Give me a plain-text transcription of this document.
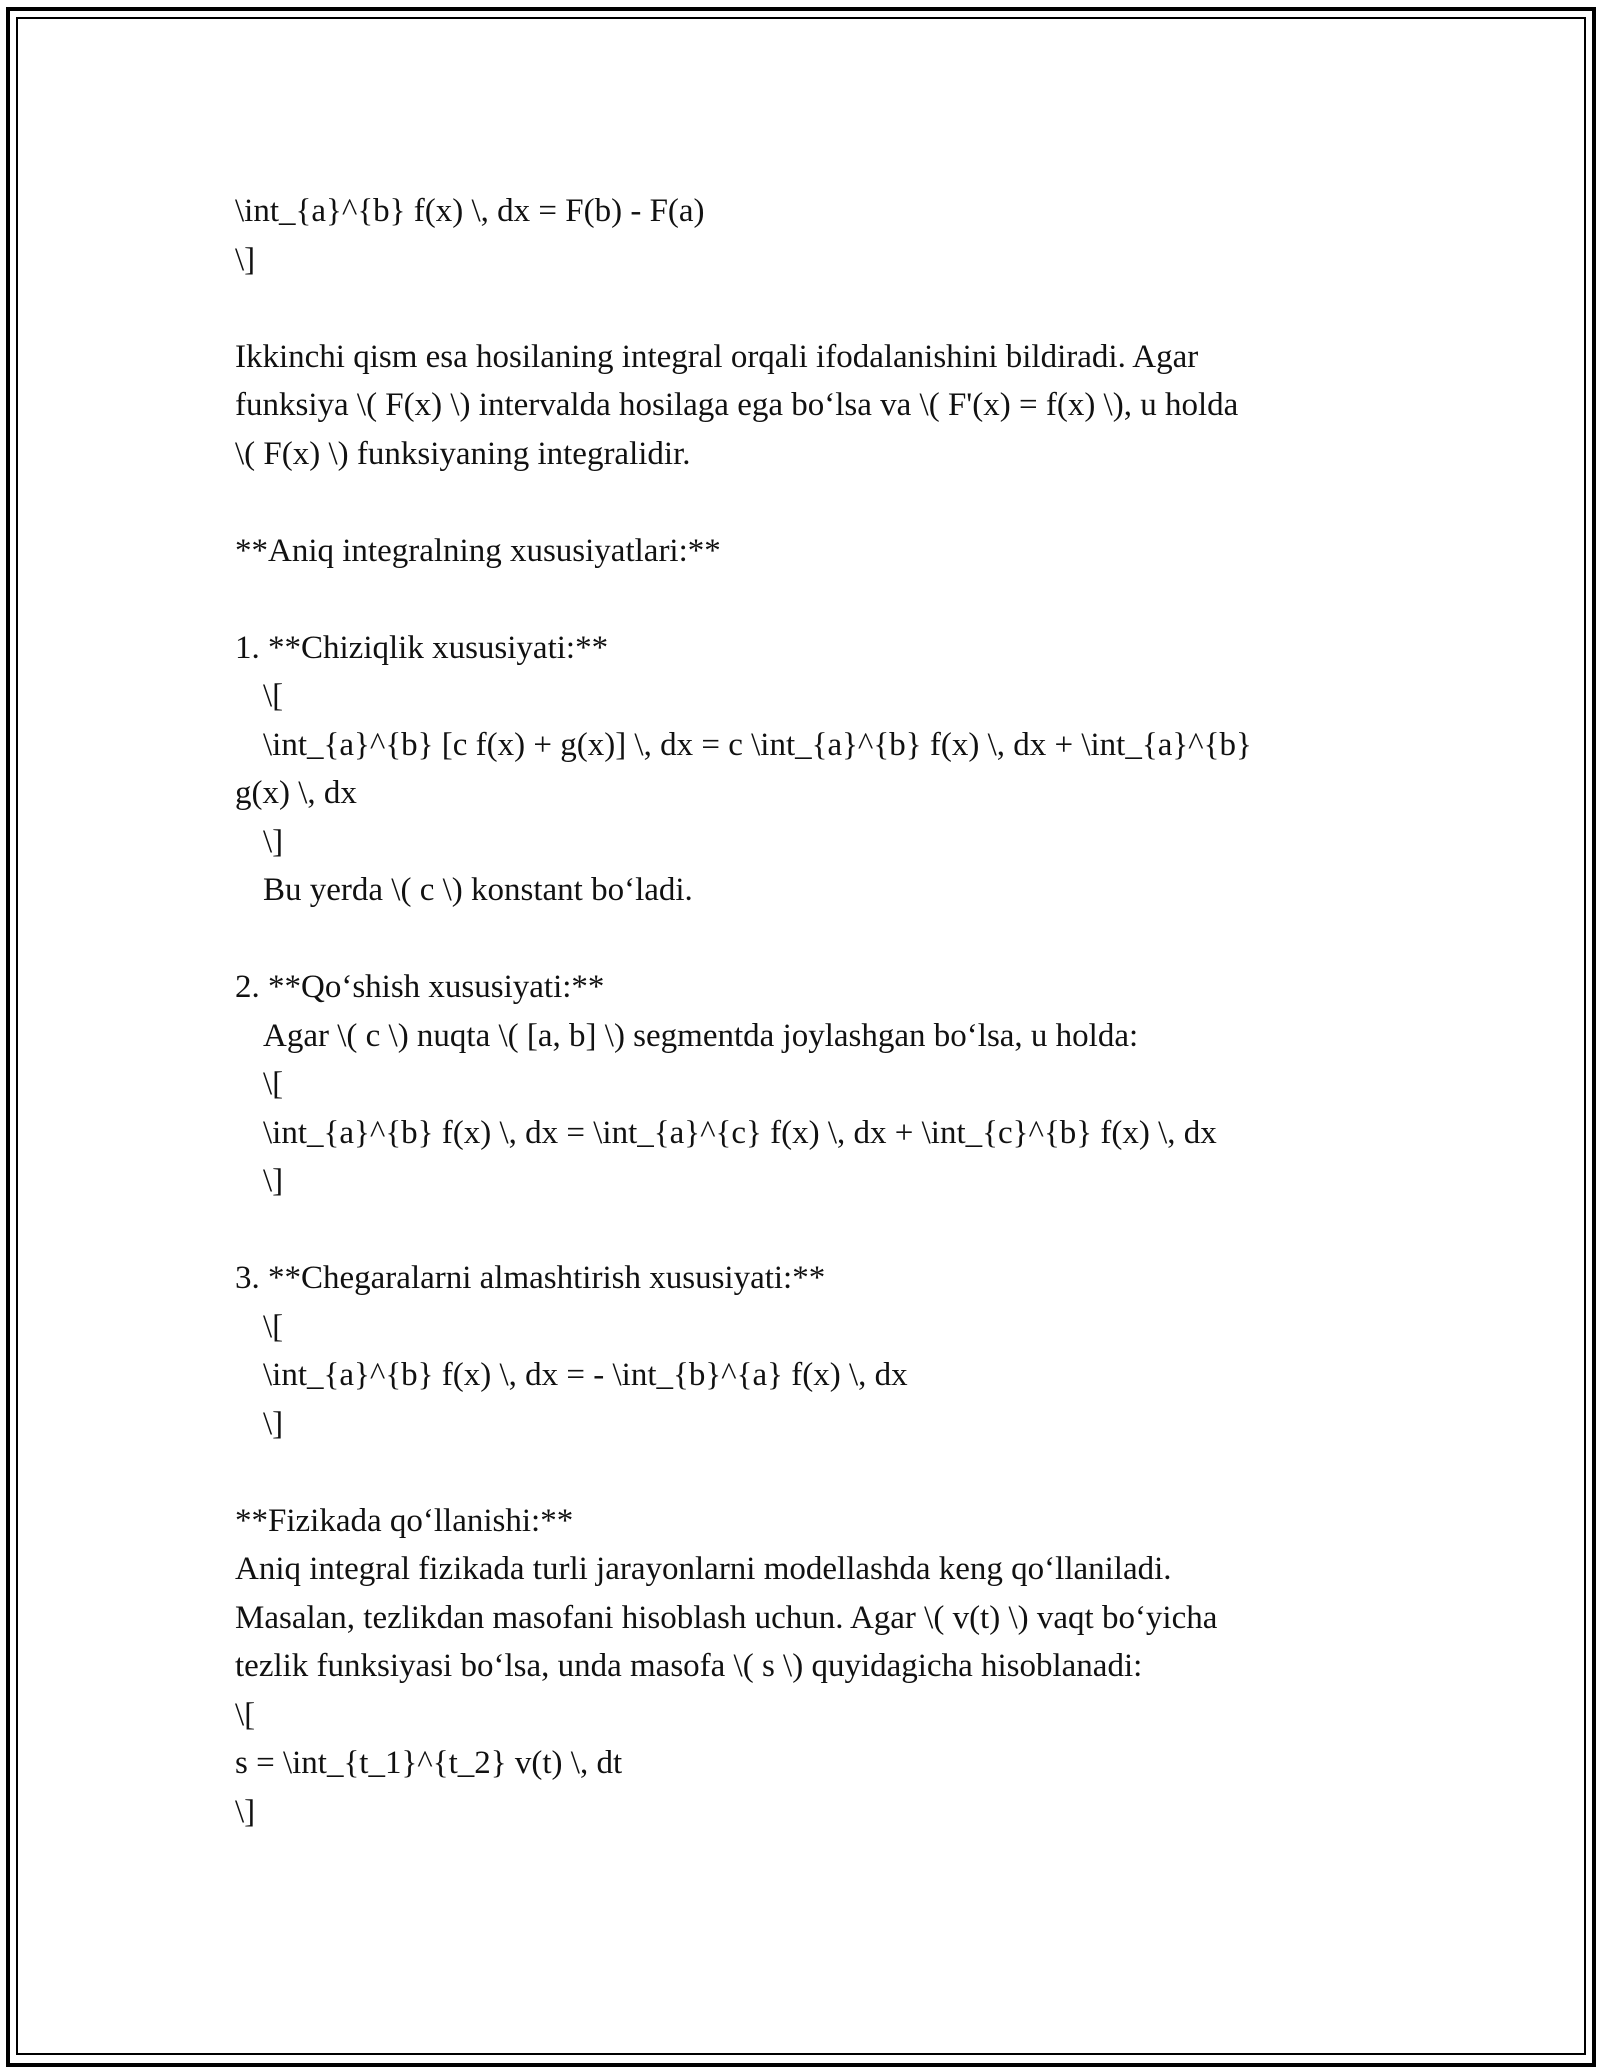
\int_{a}^{b} f(x) \, dx = F(b) - F(a)
\]
Ikkinchi qism esa hosilaning integral orqali ifodalanishini bildiradi. Agar
funksiya \( F(x) \) intervalda hosilaga ega bo‘lsa va \( F'(x) = f(x) \), u holda
\( F(x) \) funksiyaning integralidir.
**Aniq integralning xususiyatlari:**
1. **Chiziqlik xususiyati:**
\[
\int_{a}^{b} [c f(x) + g(x)] \, dx = c \int_{a}^{b} f(x) \, dx + \int_{a}^{b}
g(x) \, dx
\]
Bu yerda \( c \) konstant bo‘ladi.
2. **Qo‘shish xususiyati:**
Agar \( c \) nuqta \( [a, b] \) segmentda joylashgan bo‘lsa, u holda:
\[
\int_{a}^{b} f(x) \, dx = \int_{a}^{c} f(x) \, dx + \int_{c}^{b} f(x) \, dx
\]
3. **Chegaralarni almashtirish xususiyati:**
\[
\int_{a}^{b} f(x) \, dx = - \int_{b}^{a} f(x) \, dx
\]
**Fizikada qo‘llanishi:**
Aniq integral fizikada turli jarayonlarni modellashda keng qo‘llaniladi.
Masalan, tezlikdan masofani hisoblash uchun. Agar \( v(t) \) vaqt bo‘yicha
tezlik funksiyasi bo‘lsa, unda masofa \( s \) quyidagicha hisoblanadi:
\[
s = \int_{t_1}^{t_2} v(t) \, dt
\]
